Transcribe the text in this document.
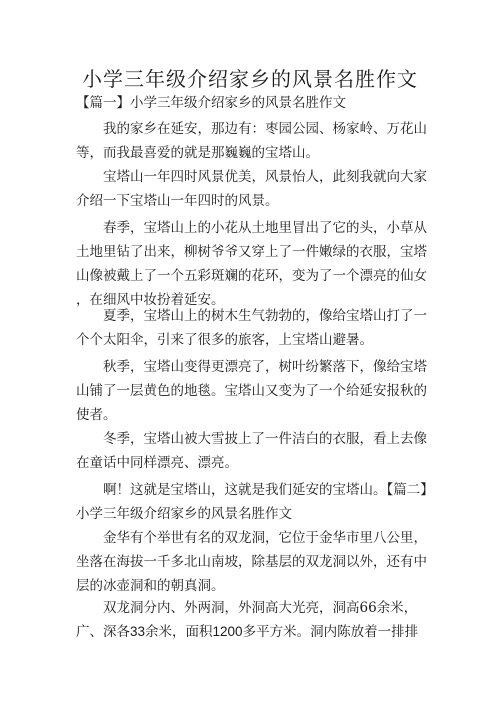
小学三年级介绍家乡的风景名胜作文

【篇一】小学三年级介绍家乡的风景名胜作文

我的家乡在延安，那边有：枣园公园、杨家岭、万花山
等，而我最喜爱的就是那巍巍的宝塔山。

宝塔山一年四时风景优美，风景怡人，此刻我就向大家
介绍一下宝塔山一年四时的风景。

春季，宝塔山上的小花从土地里冒出了它的头，小草从
土地里钻了出来，柳树爷爷又穿上了一件嫩绿的衣服，宝塔
山像被戴上了一个五彩斑斓的花环，变为了一个漂亮的仙女
，在细风中妆扮着延安。

夏季，宝塔山上的树木生气勃勃的，像给宝塔山打了一
个个太阳伞，引来了很多的旅客，上宝塔山避暑。

秋季，宝塔山变得更漂亮了，树叶纷繁落下，像给宝塔
山铺了一层黄色的地毯。宝塔山又变为了一个给延安报秋的
使者。

冬季，宝塔山被大雪披上了一件洁白的衣服，看上去像
在童话中同样漂亮、漂亮。

啊！这就是宝塔山，这就是我们延安的宝塔山。【篇二】
小学三年级介绍家乡的风景名胜作文

金华有个举世有名的双龙洞，它位于金华市里八公里，
坐落在海拔一千多北山南坡，除基层的双龙洞以外，还有中
层的冰壶洞和的朝真洞。

双龙洞分内、外两洞，外洞高大光亮，洞高66余米，
广、深各33余米，面积1200多平方米。洞内陈放着一排排
